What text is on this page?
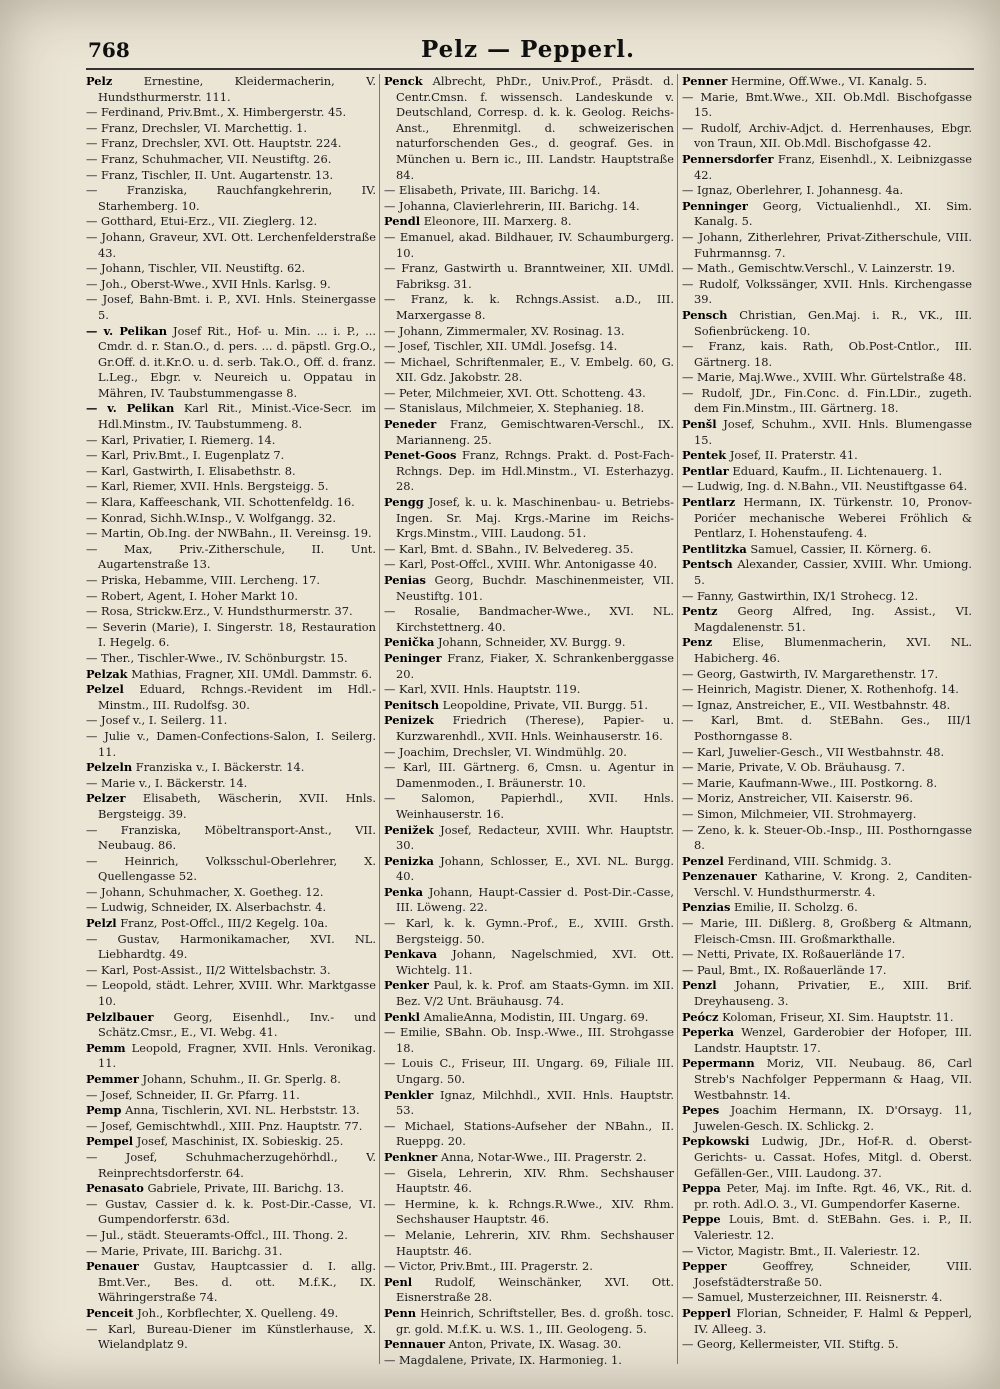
768	Pelz — Pepperl.

Pelz	Ernestine, Kleidermacherin, V. Hundsthurmerstr. 111.

— Ferdinand, Priv.Bmt., X. Himbergerstr. 45.

— Franz, Drechsler, VI. Marchettig. 1.

— Franz, Drechsler, XVI. Ott. Hauptstr. 224.

— Franz, Schuhmacher, VII. Neustiftg. 26.

— Franz, Tischler, II. Unt. Augartenstr. 13.

— Franziska, Rauchfangkehrerin, IV. Starhemberg. 10.

— Gotthard, Etui-Erz., VII. Zieglerg. 12.

— Johann, Graveur, XVI. Ott. Lerchenfelderstraße 43.

— Johann, Tischler, VII. Neustiftg. 62.

— Joh., Oberst-Wwe., XVII Hnls. Karlsg. 9.

— Josef, Bahn-Bmt. i. P., XVI. Hnls. Steinergasse 5.

— v. Pelikan Josef Rit., Hof- u. Min. ... i. P., ... Cmdr. d. r. Stan.O., d. pers. ... d. päpstl. Grg.O., Gr.Off. d. it.Kr.O. u. d. serb. Tak.O., Off. d. franz. L.Leg., Ebgr. v. Neureich u. Oppatau in Mähren, IV. Taubstummengasse 8.

— v. Pelikan Karl Rit., Minist.-Vice-Secr. im Hdl.Minstm., IV. Taubstummeng. 8.

— Karl, Privatier, I. Riemerg. 14.

— Karl, Priv.Bmt., I. Eugenplatz 7.

— Karl, Gastwirth, I. Elisabethstr. 8.

— Karl, Riemer, XVII. Hnls. Bergsteigg. 5.

— Klara, Kaffeeschank, VII. Schottenfeldg. 16.

— Konrad, Sichh.W.Insp., V. Wolfgangg. 32.

— Martin, Ob.Ing. der NWBahn., II. Vereinsg. 19.

— Max, Priv.-Zitherschule, II. Unt. Augartenstraße 13.

— Priska, Hebamme, VIII. Lercheng. 17.

— Robert, Agent, I. Hoher Markt 10.

— Rosa, Strickw.Erz., V. Hundsthurmerstr. 37.

— Severin (Marie), I. Singerstr. 18, Restauration I. Hegelg. 6.

— Ther., Tischler-Wwe., IV. Schönburgstr. 15.

Pelzak Mathias, Fragner, XII. UMdl. Dammstr. 6.

Pelzel Eduard, Rchngs.-Revident im Hdl.-Minstm., III. Rudolfsg. 30.

— Josef v., I. Seilerg. 11.

— Julie v., Damen-Confections-Salon, I. Seilerg. 11.

Pelzeln Franziska v., I. Bäckerstr. 14.

— Marie v., I. Bäckerstr. 14.

Pelzer Elisabeth, Wäscherin, XVII. Hnls. Bergsteigg. 39.

— Franziska, Möbeltransport-Anst., VII. Neubaug. 86.

— Heinrich, Volksschul-Oberlehrer, X. Quellengasse 52.

— Johann, Schuhmacher, X. Goetheg. 12.

— Ludwig, Schneider, IX. Alserbachstr. 4.

Pelzl Franz, Post-Offcl., III/2 Kegelg. 10a.

— Gustav, Harmonikamacher, XVI. NL. Liebhardtg. 49.

— Karl, Post-Assist., II/2 Wittelsbachstr. 3.

— Leopold, städt. Lehrer, XVIII. Whr. Marktgasse 10.

Pelzlbauer Georg, Eisenhdl., Inv.- und Schätz.Cmsr., E., VI. Webg. 41.

Pemm Leopold, Fragner, XVII. Hnls. Veronikag. 11.

Pemmer Johann, Schuhm., II. Gr. Sperlg. 8.

— Josef, Schneider, II. Gr. Pfarrg. 11.

Pemp Anna, Tischlerin, XVI. NL. Herbststr. 13.

— Josef, Gemischtwhdl., XIII. Pnz. Hauptstr. 77.

Pempel Josef, Maschinist, IX. Sobieskig. 25.

— Josef, Schuhmacherzugehörhdl., V. Reinprechtsdorferstr. 64.

Penasato Gabriele, Private, III. Barichg. 13.

— Gustav, Cassier d. k. k. Post-Dir.-Casse, VI. Gumpendorferstr. 63d.

— Jul., städt. Steueramts-Offcl., III. Thong. 2.

— Marie, Private, III. Barichg. 31.

Penauer Gustav, Hauptcassier d. I. allg. Bmt.Ver., Bes. d. ott. M.f.K., IX. Währingerstraße 74.

Penceit Joh., Korbflechter, X. Quelleng. 49.

— Karl, Bureau-Diener im Künstlerhause, X. Wielandplatz 9.

Penck Albrecht, PhDr., Univ.Prof., Präsdt. d. Centr.Cmsn. f. wissensch. Landeskunde v. Deutschland, Corresp. d. k. k. Geolog. Reichs-Anst., Ehrenmitgl. d. schweizerischen naturforschenden Ges., d. geograf. Ges. in München u. Bern ic., III. Landstr. Hauptstraße 84.

— Elisabeth, Private, III. Barichg. 14.

— Johanna, Clavierlehrerin, III. Barichg. 14.

Pendl Eleonore, III. Marxerg. 8.

— Emanuel, akad. Bildhauer, IV. Schaumburgerg. 10.

— Franz, Gastwirth u. Branntweiner, XII. UMdl. Fabriksg. 31.

— Franz, k. k. Rchngs.Assist. a.D., III. Marxergasse 8.

— Johann, Zimmermaler, XV. Rosinag. 13.

— Josef, Tischler, XII. UMdl. Josefsg. 14.

— Michael, Schriftenmaler, E., V. Embelg. 60, G. XII. Gdz. Jakobstr. 28.

— Peter, Milchmeier, XVI. Ott. Schotteng. 43.

— Stanislaus, Milchmeier, X. Stephanieg. 18.

Peneder Franz, Gemischtwaren-Verschl., IX. Marianneng. 25.

Penet-Goos Franz, Rchngs. Prakt. d. Post-Fach-Rchngs. Dep. im Hdl.Minstm., VI. Esterhazyg. 28.

Pengg Josef, k. u. k. Maschinenbau- u. Betriebs-Ingen. Sr. Maj. Krgs.-Marine im Reichs-Krgs.Minstm., VIII. Laudong. 51.

— Karl, Bmt. d. SBahn., IV. Belvedereg. 35.

— Karl, Post-Offcl., XVIII. Whr. Antonigasse 40.

Penias Georg, Buchdr. Maschinenmeister, VII. Neustiftg. 101.

— Rosalie, Bandmacher-Wwe., XVI. NL. Kirchstettnerg. 40.

Penička Johann, Schneider, XV. Burgg. 9.

Peninger Franz, Fiaker, X. Schrankenberggasse 20.

— Karl, XVII. Hnls. Hauptstr. 119.

Penitsch Leopoldine, Private, VII. Burgg. 51.

Penizek Friedrich (Therese), Papier- u. Kurzwarenhdl., XVII. Hnls. Weinhauserstr. 16.

— Joachim, Drechsler, VI. Windmühlg. 20.

— Karl, III. Gärtnerg. 6, Cmsn. u. Agentur in Damenmoden., I. Bräunerstr. 10.

— Salomon, Papierhdl., XVII. Hnls. Weinhauserstr. 16.

Penižek Josef, Redacteur, XVIII. Whr. Hauptstr. 30.

Penizka Johann, Schlosser, E., XVI. NL. Burgg. 40.

Penka Johann, Haupt-Cassier d. Post-Dir.-Casse, III. Löweng. 22.

— Karl, k. k. Gymn.-Prof., E., XVIII. Grsth. Bergsteigg. 50.

Penkava Johann, Nagelschmied, XVI. Ott. Wichtelg. 11.

Penker Paul, k. k. Prof. am Staats-Gymn. im XII. Bez. V/2 Unt. Bräuhausg. 74.

Penkl AmalieAnna, Modistin, III. Ungarg. 69.

— Emilie, SBahn. Ob. Insp.-Wwe., III. Strohgasse 18.

— Louis C., Friseur, III. Ungarg. 69, Filiale III. Ungarg. 50.

Penkler Ignaz, Milchhdl., XVII. Hnls. Hauptstr. 53.

— Michael, Stations-Aufseher der NBahn., II. Rueppg. 20.

Penkner Anna, Notar-Wwe., III. Pragerstr. 2.

— Gisela, Lehrerin, XIV. Rhm. Sechshauser Hauptstr. 46.

— Hermine, k. k. Rchngs.R.Wwe., XIV. Rhm. Sechshauser Hauptstr. 46.

— Melanie, Lehrerin, XIV. Rhm. Sechshauser Hauptstr. 46.

— Victor, Priv.Bmt., III. Pragerstr. 2.

Penl Rudolf, Weinschänker, XVI. Ott. Eisnerstraße 28.

Penn Heinrich, Schriftsteller, Bes. d. großh. tosc. gr. gold. M.f.K. u. W.S. 1., III. Geologeng. 5.

Pennauer Anton, Private, IX. Wasag. 30.

— Magdalene, Private, IX. Harmonieg. 1.

Penner Hermine, Off.Wwe., VI. Kanalg. 5.

— Marie, Bmt.Wwe., XII. Ob.Mdl. Bischofgasse 15.

— Rudolf, Archiv-Adjct. d. Herrenhauses, Ebgr. von Traun, XII. Ob.Mdl. Bischofgasse 42.

Pennersdorfer Franz, Eisenhdl., X. Leibnizgasse 42.

— Ignaz, Oberlehrer, I. Johannesg. 4a.

Penninger Georg, Victualienhdl., XI. Sim. Kanalg. 5.

— Johann, Zitherlehrer, Privat-Zitherschule, VIII. Fuhrmannsg. 7.

— Math., Gemischtw.Verschl., V. Lainzerstr. 19.

— Rudolf, Volkssänger, XVII. Hnls. Kirchengasse 39.

Pensch Christian, Gen.Maj. i. R., VK., III. Sofienbrückeng. 10.

— Franz, kais. Rath, Ob.Post-Cntlor., III. Gärtnerg. 18.

— Marie, Maj.Wwe., XVIII. Whr. Gürtelstraße 48.

— Rudolf, JDr., Fin.Conc. d. Fin.LDir., zugeth. dem Fin.Minstm., III. Gärtnerg. 18.

Penšl Josef, Schuhm., XVII. Hnls. Blumengasse 15.

Pentek Josef, II. Praterstr. 41.

Pentlar Eduard, Kaufm., II. Lichtenauerg. 1.

— Ludwig, Ing. d. N.Bahn., VII. Neustiftgasse 64.

Pentlarz Hermann, IX. Türkenstr. 10, Pronov-Porićer mechanische Weberei Fröhlich & Pentlarz, I. Hohenstaufeng. 4.

Pentlitzka Samuel, Cassier, II. Körnerg. 6.

Pentsch Alexander, Cassier, XVIII. Whr. Umiong. 5.

— Fanny, Gastwirthin, IX/1 Strohecg. 12.

Pentz Georg Alfred, Ing. Assist., VI. Magdalenenstr. 51.

Penz Elise, Blumenmacherin, XVI. NL. Habicherg. 46.

— Georg, Gastwirth, IV. Margarethenstr. 17.

— Heinrich, Magistr. Diener, X. Rothenhofg. 14.

— Ignaz, Anstreicher, E., VII. Westbahnstr. 48.

— Karl, Bmt. d. StEBahn. Ges., III/1 Posthorngasse 8.

— Karl, Juwelier-Gesch., VII Westbahnstr. 48.

— Marie, Private, V. Ob. Bräuhausg. 7.

— Marie, Kaufmann-Wwe., III. Postkorng. 8.

— Moriz, Anstreicher, VII. Kaiserstr. 96.

— Simon, Milchmeier, VII. Strohmayerg.

— Zeno, k. k. Steuer-Ob.-Insp., III. Posthorngasse 8.

Penzel Ferdinand, VIII. Schmidg. 3.

Penzenauer Katharine, V. Krong. 2, Canditen-Verschl. V. Hundsthurmerstr. 4.

Penzias Emilie, II. Scholzg. 6.

— Marie, III. Dißlerg. 8, Großberg & Altmann, Fleisch-Cmsn. III. Großmarkthalle.

— Netti, Private, IX. Roßauerlände 17.

— Paul, Bmt., IX. Roßauerlände 17.

Penzl Johann, Privatier, E., XIII. Brif. Dreyhauseng. 3.

Peócz Koloman, Friseur, XI. Sim. Hauptstr. 11.

Peperka Wenzel, Garderobier der Hofoper, III. Landstr. Hauptstr. 17.

Pepermann Moriz, VII. Neubaug. 86, Carl Streb's Nachfolger Peppermann & Haag, VII. Westbahnstr. 14.

Pepes Joachim Hermann, IX. D'Orsayg. 11, Juwelen-Gesch. IX. Schlickg. 2.

Pepkowski Ludwig, JDr., Hof-R. d. Oberst-Gerichts- u. Cassat. Hofes, Mitgl. d. Oberst. Gefällen-Ger., VIII. Laudong. 37.

Peppa Peter, Maj. im Infte. Rgt. 46, VK., Rit. d. pr. roth. Adl.O. 3., VI. Gumpendorfer Kaserne.

Peppe Louis, Bmt. d. StEBahn. Ges. i. P., II. Valeriestr. 12.

— Victor, Magistr. Bmt., II. Valeriestr. 12.

Pepper	Geoffrey, Schneider, VIII. Josefstädterstraße 50.

— Samuel, Musterzeichner, III. Reisnerstr. 4.

Pepperl Florian, Schneider, F. Halml & Pepperl, IV. Alleeg. 3.

— Georg, Kellermeister, VII. Stiftg. 5.
